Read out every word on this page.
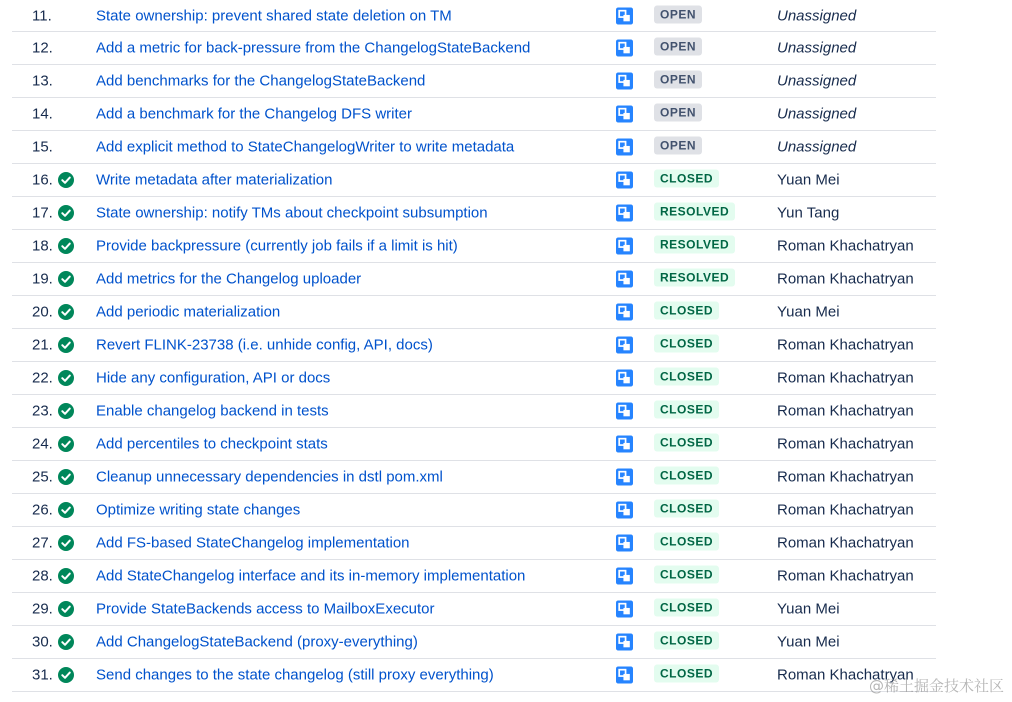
11.	State ownership: prevent shared state deletion on TM	OPEN	Unassigned
12.	Add a metric for back-pressure from the ChangelogStateBackend	OPEN	Unassigned
13.	Add benchmarks for the ChangelogStateBackend	OPEN	Unassigned
14.	Add a benchmark for the Changelog DFS writer	OPEN	Unassigned
15.	Add explicit method to StateChangelogWriter to write metadata	OPEN	Unassigned
16.	Write metadata after materialization	CLOSED	Yuan Mei
17.	State ownership: notify TMs about checkpoint subsumption	RESOLVED	Yun Tang
18.	Provide backpressure (currently job fails if a limit is hit)	RESOLVED	Roman Khachatryan
19.	Add metrics for the Changelog uploader	RESOLVED	Roman Khachatryan
20.	Add periodic materialization	CLOSED	Yuan Mei
21.	Revert FLINK-23738 (i.e. unhide config, API, docs)	CLOSED	Roman Khachatryan
22.	Hide any configuration, API or docs	CLOSED	Roman Khachatryan
23.	Enable changelog backend in tests	CLOSED	Roman Khachatryan
24.	Add percentiles to checkpoint stats	CLOSED	Roman Khachatryan
25.	Cleanup unnecessary dependencies in dstl pom.xml	CLOSED	Roman Khachatryan
26.	Optimize writing state changes	CLOSED	Roman Khachatryan
27.	Add FS-based StateChangelog implementation	CLOSED	Roman Khachatryan
28.	Add StateChangelog interface and its in-memory implementation	CLOSED	Roman Khachatryan
29.	Provide StateBackends access to MailboxExecutor	CLOSED	Yuan Mei
30.	Add ChangelogStateBackend (proxy-everything)	CLOSED	Yuan Mei
31.	Send changes to the state changelog (still proxy everything)	CLOSED	Roman Khachatryan
@稀土掘金技术社区
